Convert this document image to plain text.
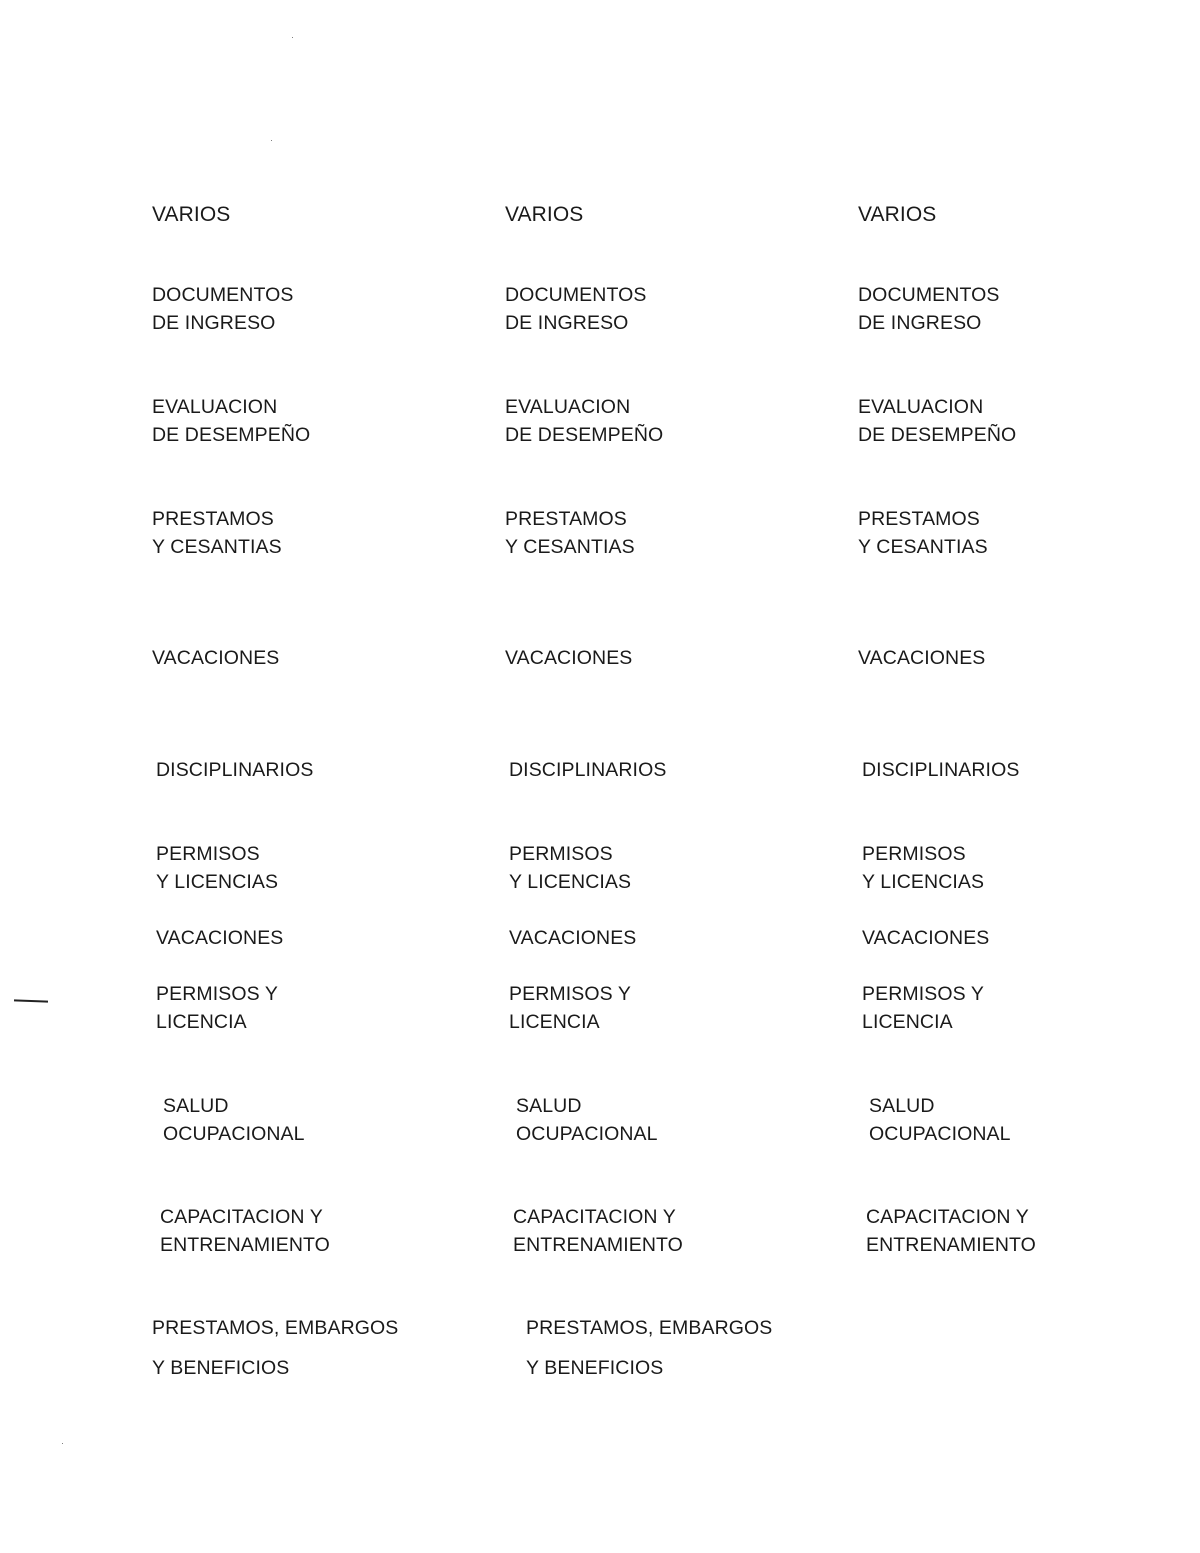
VARIOS
DOCUMENTOS
DE INGRESO
EVALUACION
DE DESEMPEÑO
PRESTAMOS
Y CESANTIAS
VACACIONES
DISCIPLINARIOS
PERMISOS
Y LICENCIAS
VACACIONES
PERMISOS Y
LICENCIA
SALUD
OCUPACIONAL
CAPACITACION Y
ENTRENAMIENTO
PRESTAMOS, EMBARGOS
Y BENEFICIOS
VARIOS
DOCUMENTOS
DE INGRESO
EVALUACION
DE DESEMPEÑO
PRESTAMOS
Y CESANTIAS
VACACIONES
DISCIPLINARIOS
PERMISOS
Y LICENCIAS
VACACIONES
PERMISOS Y
LICENCIA
SALUD
OCUPACIONAL
CAPACITACION Y
ENTRENAMIENTO
PRESTAMOS, EMBARGOS
Y BENEFICIOS
VARIOS
DOCUMENTOS
DE INGRESO
EVALUACION
DE DESEMPEÑO
PRESTAMOS
Y CESANTIAS
VACACIONES
DISCIPLINARIOS
PERMISOS
Y LICENCIAS
VACACIONES
PERMISOS Y
LICENCIA
SALUD
OCUPACIONAL
CAPACITACION Y
ENTRENAMIENTO
